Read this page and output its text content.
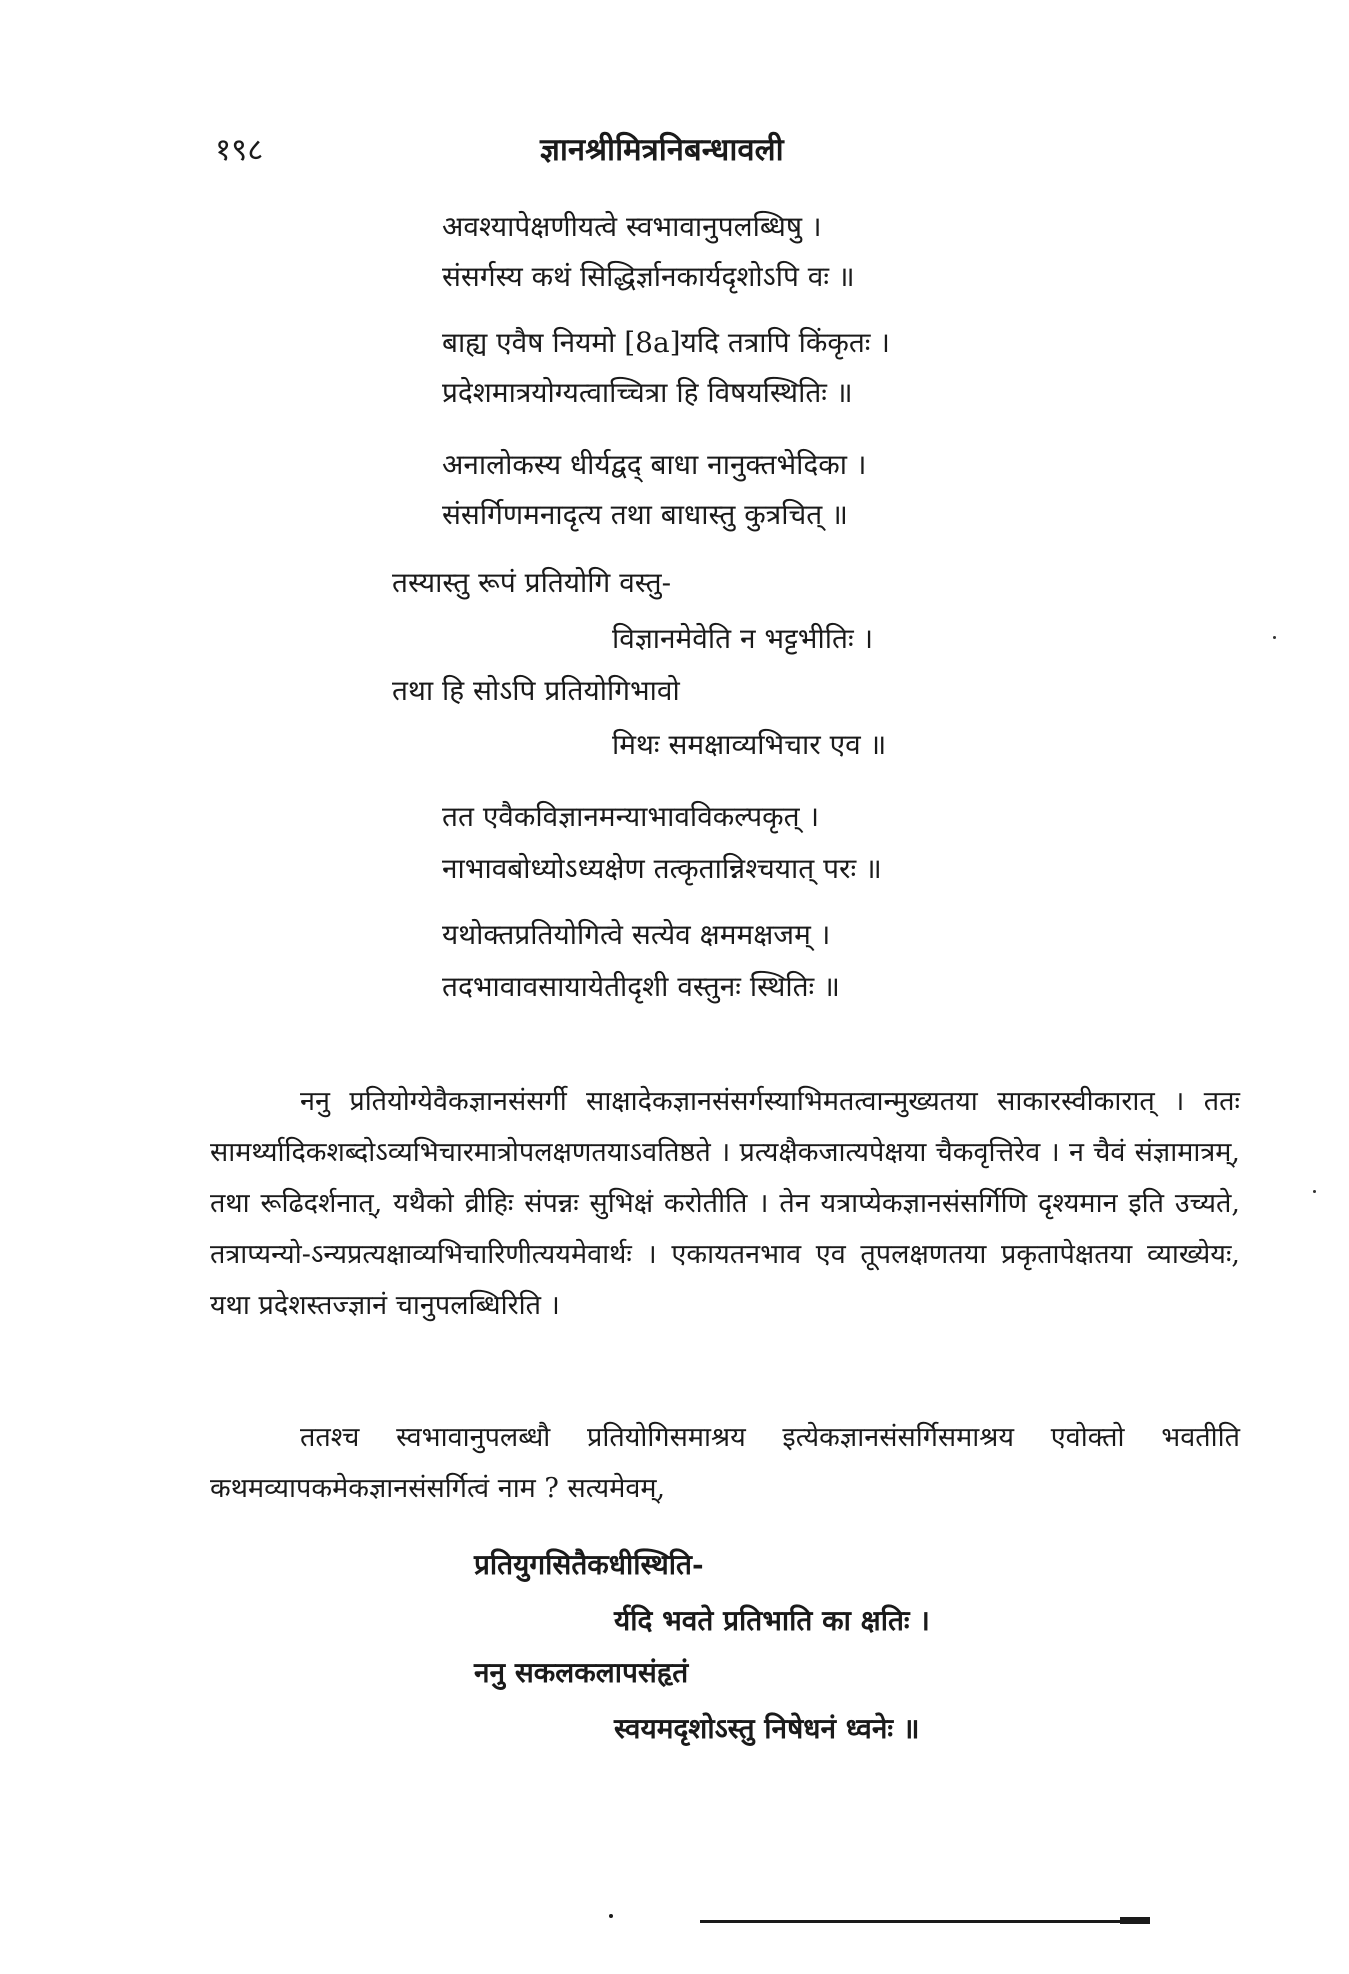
१९८	ज्ञानश्रीमित्रनिबन्धावली
अवश्यापेक्षणीयत्वे स्वभावानुपलब्धिषु ।
संसर्गस्य कथं सिद्धिर्ज्ञानकार्यदृशोऽपि वः ॥
बाह्य एवैष नियमो [8a]यदि तत्रापि किंकृतः ।
प्रदेशमात्रयोग्यत्वाच्चित्रा हि विषयस्थितिः ॥
अनालोकस्य धीर्यद्वद् बाधा नानुक्तभेदिका ।
संसर्गिणमनादृत्य तथा बाधास्तु कुत्रचित् ॥
तस्यास्तु रूपं प्रतियोगि वस्तु-
विज्ञानमेवेति न भट्टभीतिः ।
तथा हि सोऽपि प्रतियोगिभावो
मिथः समक्षाव्यभिचार एव ॥
तत एवैकविज्ञानमन्याभावविकल्पकृत् ।
नाभावबोध्योऽध्यक्षेण तत्कृतान्निश्चयात् परः ॥
यथोक्तप्रतियोगित्वे सत्येव क्षममक्षजम् ।
तदभावावसायायेतीदृशी वस्तुनः स्थितिः ॥

ननु प्रतियोग्येवैकज्ञानसंसर्गी साक्षादेकज्ञानसंसर्गस्याभिमतत्वान्मुख्यतया साकारस्वीकारात् । ततः सामर्थ्यादिकशब्दोऽव्यभिचारमात्रोपलक्षणतयाऽवतिष्ठते । प्रत्यक्षैकजात्यपेक्षया चैकवृत्तिरेव । न चैवं संज्ञामात्रम्, तथा रूढिदर्शनात्, यथैको व्रीहिः संपन्नः सुभिक्षं करोतीति । तेन यत्राप्येकज्ञानसंसर्गिणि दृश्यमान इति उच्यते, तत्राप्यन्यो-ऽन्यप्रत्यक्षाव्यभिचारिणीत्ययमेवार्थः । एकायतनभाव एव तूपलक्षणतया प्रकृतापेक्षतया व्याख्येयः, यथा प्रदेशस्तज्ज्ञानं चानुपलब्धिरिति ।

ततश्च स्वभावानुपलब्धौ प्रतियोगिसमाश्रय इत्येकज्ञानसंसर्गिसमाश्रय एवोक्तो भवतीति कथमव्यापकमेकज्ञानसंसर्गित्वं नाम ? सत्यमेवम्,

प्रतियुगसितैकधीस्थिति-
र्यदि भवते प्रतिभाति का क्षतिः ।
ननु सकलकलापसंहृतं
स्वयमदृशोऽस्तु निषेधनं ध्वनेः ॥
